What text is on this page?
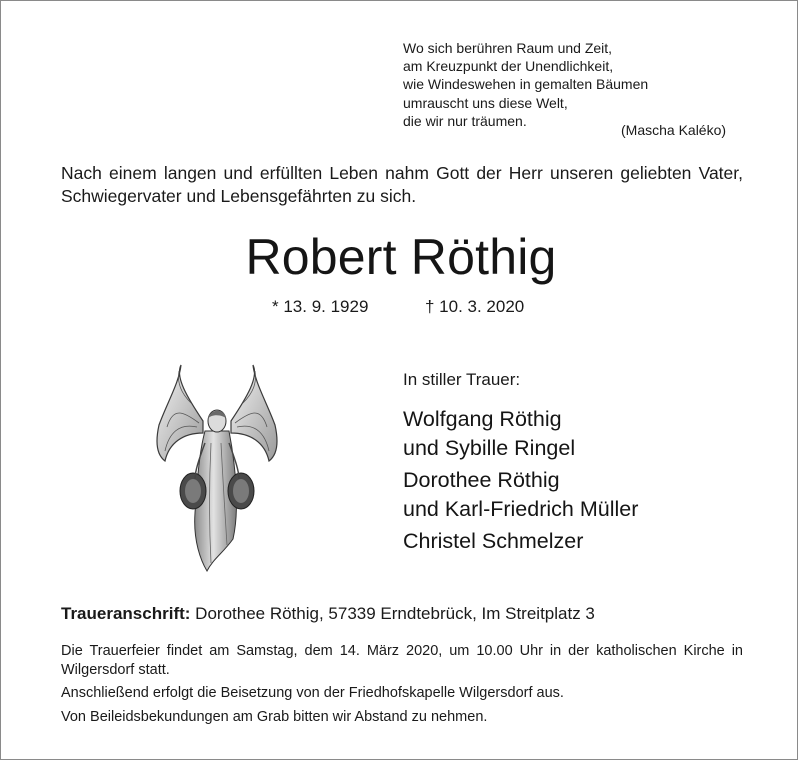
Wo sich berühren Raum und Zeit,
am Kreuzpunkt der Unendlichkeit,
wie Windeswehen in gemalten Bäumen
umrauscht uns diese Welt,
die wir nur träumen.
(Mascha Kaléko)
Nach einem langen und erfüllten Leben nahm Gott der Herr unseren geliebten Vater, Schwiegervater und Lebensgefährten zu sich.
Robert Röthig
* 13. 9. 1929	† 10. 3. 2020
In stiller Trauer:
Wolfgang Röthig
und Sybille Ringel
Dorothee Röthig
und Karl-Friedrich Müller
Christel Schmelzer
Traueranschrift: Dorothee Röthig, 57339 Erndtebrück, Im Streitplatz 3
Die Trauerfeier findet am Samstag, dem 14. März 2020, um 10.00 Uhr in der katholischen Kirche in Wilgersdorf statt.
Anschließend erfolgt die Beisetzung von der Friedhofskapelle Wilgersdorf aus.
Von Beileidsbekundungen am Grab bitten wir Abstand zu nehmen.
